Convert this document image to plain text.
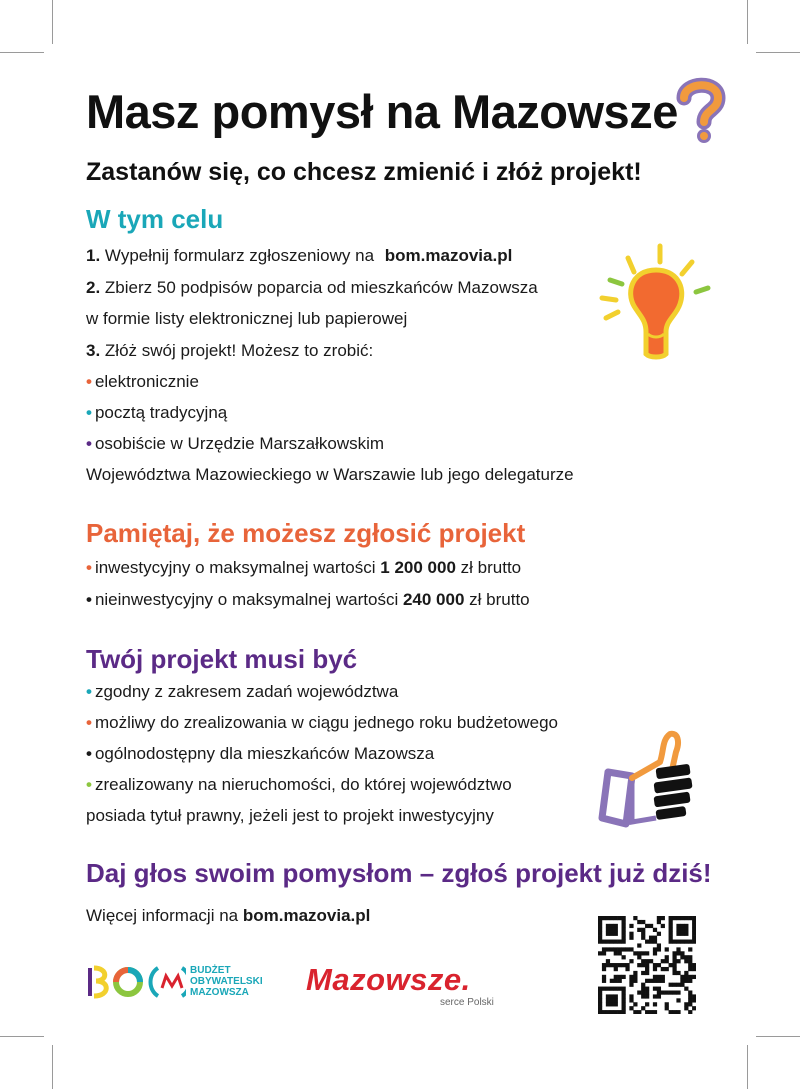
Masz pomysł na Mazowsze
Zastanów się, co chcesz zmienić i złóż projekt!
W tym celu
1. Wypełnij formularz zgłoszeniowy na bom.mazovia.pl
2. Zbierz 50 podpisów poparcia od mieszkańców Mazowsza
w formie listy elektronicznej lub papierowej
3. Złóż swój projekt! Możesz to zrobić:
• elektronicznie
• pocztą tradycyjną
• osobiście w Urzędzie Marszałkowskim
Województwa Mazowieckiego w Warszawie lub jego delegaturze
Pamiętaj, że możesz zgłosić projekt
• inwestycyjny o maksymalnej wartości 1 200 000 zł brutto
• nieinwestycyjny o maksymalnej wartości 240 000 zł brutto
Twój projekt musi być
• zgodny z zakresem zadań województwa
• możliwy do zrealizowania w ciągu jednego roku budżetowego
• ogólnodostępny dla mieszkańców Mazowsza
• zrealizowany na nieruchomości, do której województwo
posiada tytuł prawny, jeżeli jest to projekt inwestycyjny
Daj głos swoim pomysłom – zgłoś projekt już dziś!
Więcej informacji na bom.mazovia.pl
BUDŻET
OBYWATELSKI
MAZOWSZA	Mazowsze.
serce Polski
